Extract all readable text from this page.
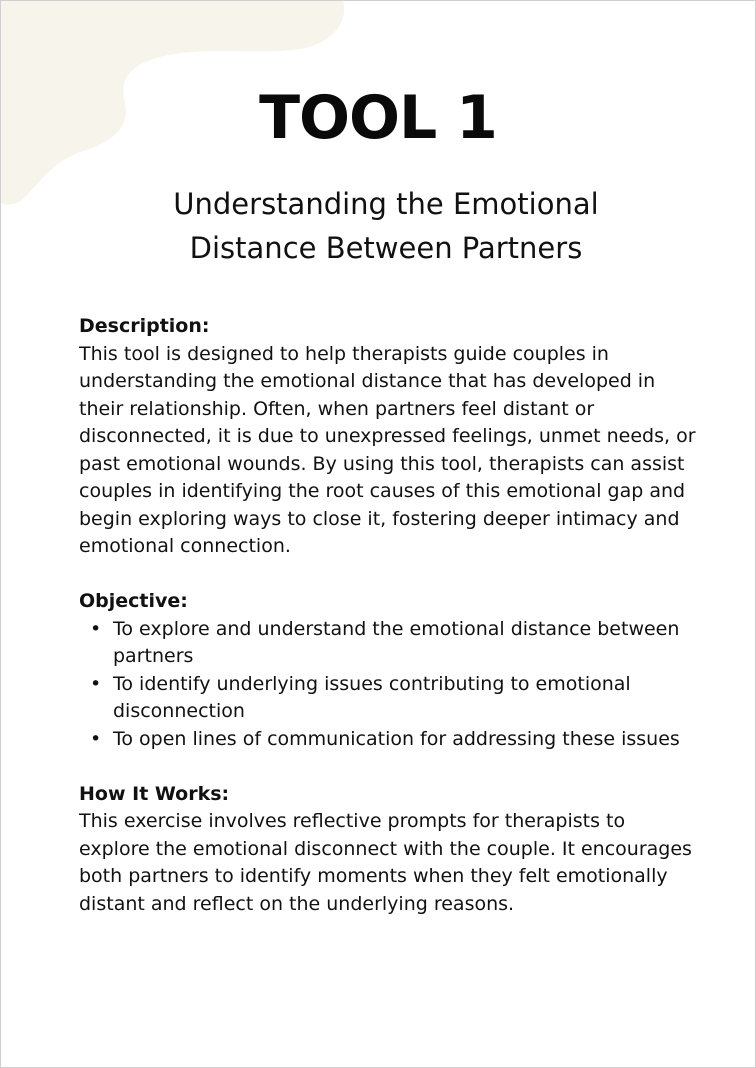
TOOL 1
Understanding the Emotional Distance Between Partners

Description:

This tool is designed to help therapists guide couples in understanding the emotional distance that has developed in their relationship. Often, when partners feel distant or disconnected, it is due to unexpressed feelings, unmet needs, or past emotional wounds. By using this tool, therapists can assist couples in identifying the root causes of this emotional gap and begin exploring ways to close it, fostering deeper intimacy and emotional connection.

Objective:

• To explore and understand the emotional distance between partners
• To identify underlying issues contributing to emotional disconnection
• To open lines of communication for addressing these issues

How It Works:

This exercise involves reflective prompts for therapists to explore the emotional disconnect with the couple. It encourages both partners to identify moments when they felt emotionally distant and reflect on the underlying reasons.
